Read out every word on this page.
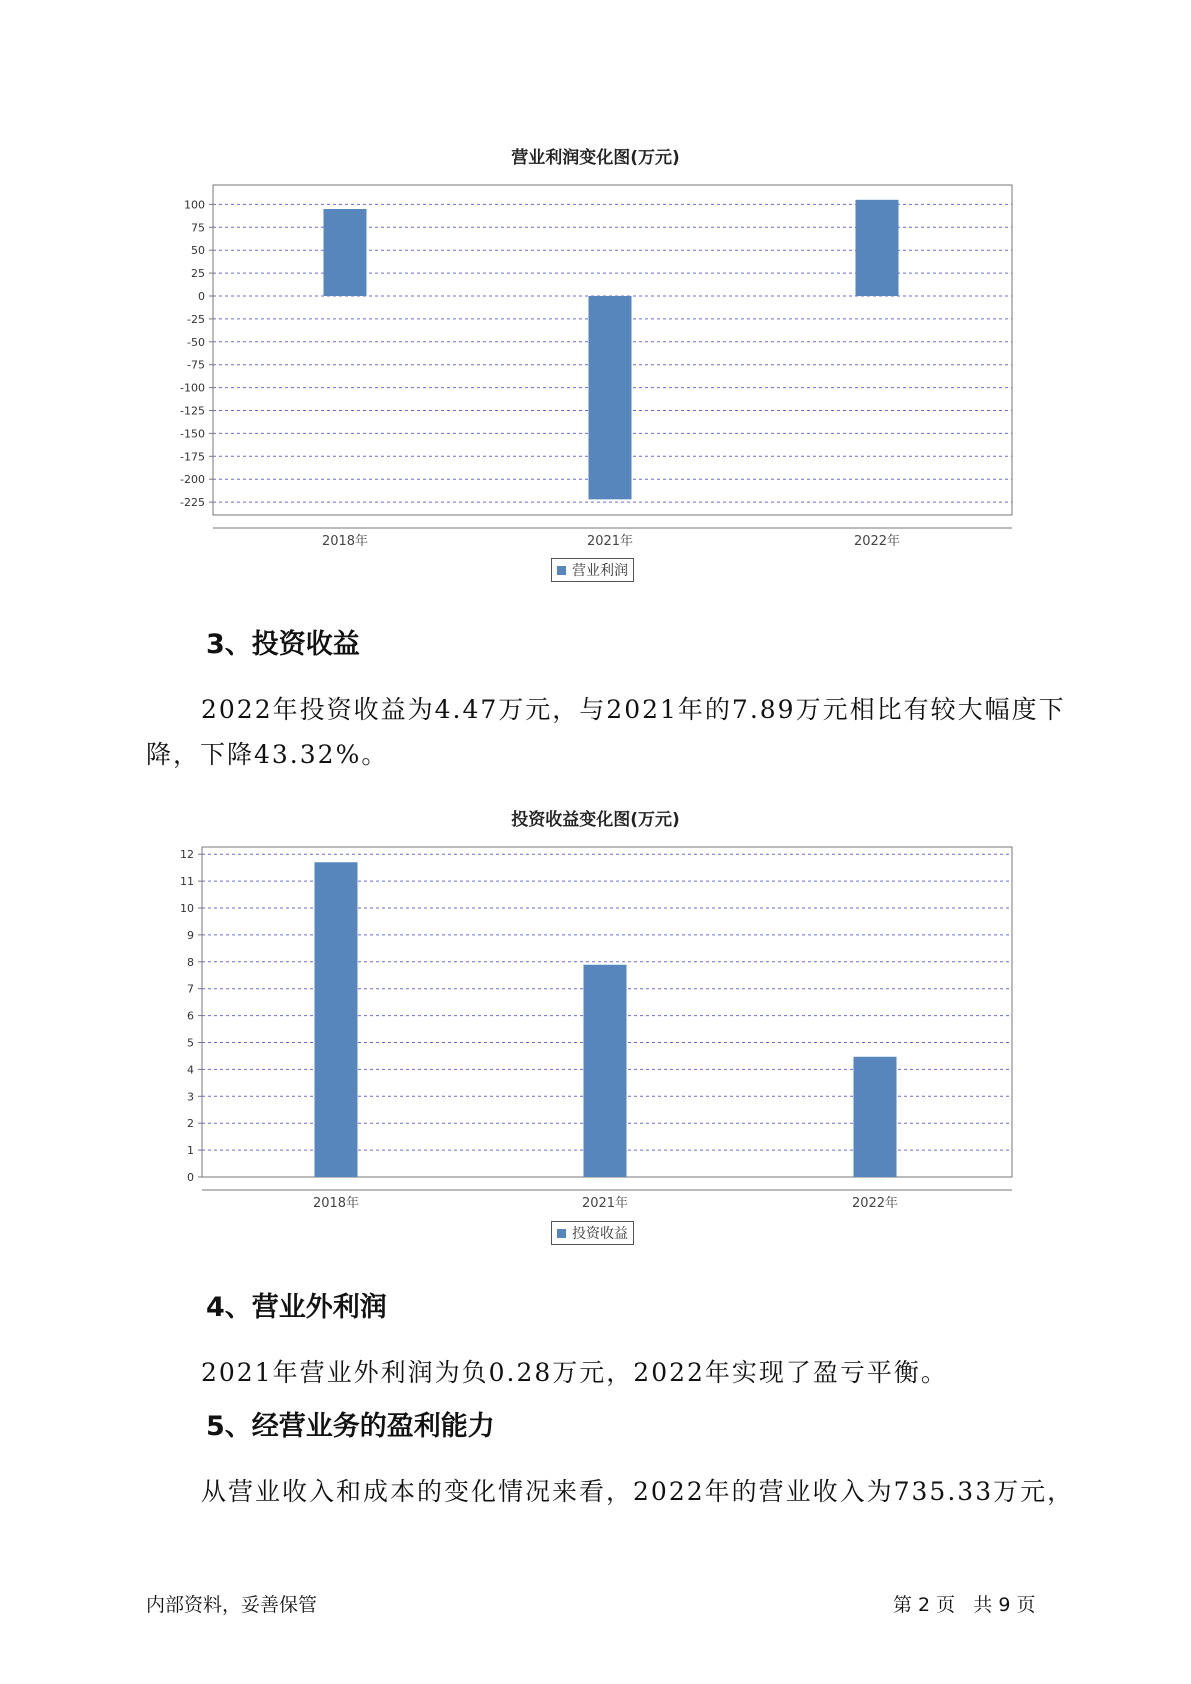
营业利润变化图(万元)
100
75
50
25
0
-25
-50
-75
-100
-125
-150
-175
-200
-225
2018年	2021年	2022年
营业利润
3、投资收益
2022年投资收益为4.47万元，与2021年的7.89万元相比有较大幅度下
降，下降43.32%。
投资收益变化图(万元)
12
11
10
9
8
7
6
5
4
3
2
1
0
2018年	2021年	2022年
投资收益
4、营业外利润
2021年营业外利润为负0.28万元，2022年实现了盈亏平衡。
5、经营业务的盈利能力
从营业收入和成本的变化情况来看，2022年的营业收入为735.33万元，
内部资料，妥善保管	第 2 页   共 9 页
